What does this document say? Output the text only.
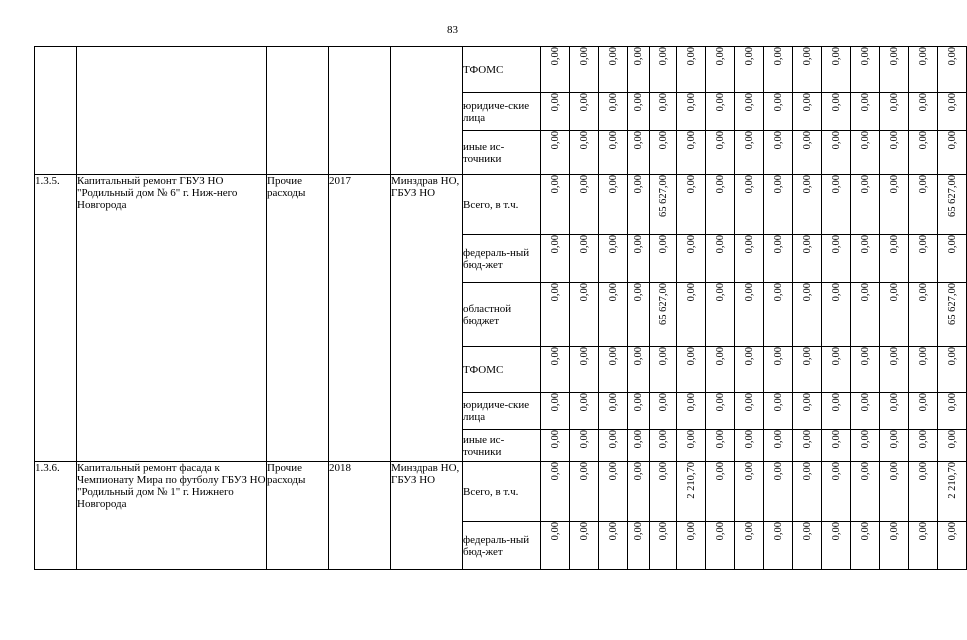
83
					ТФОМС	0,00	0,00	0,00	0,00	0,00	0,00	0,00	0,00	0,00	0,00	0,00	0,00	0,00	0,00	0,00
					юридиче-ские лица	0,00	0,00	0,00	0,00	0,00	0,00	0,00	0,00	0,00	0,00	0,00	0,00	0,00	0,00	0,00
					иные ис-точники	0,00	0,00	0,00	0,00	0,00	0,00	0,00	0,00	0,00	0,00	0,00	0,00	0,00	0,00	0,00
1.3.5.	Капитальный ремонт ГБУЗ НО "Родильный дом № 6" г. Ниж-него Новгорода	Прочие расходы	2017	Минздрав НО, ГБУЗ НО	Всего, в т.ч.	0,00	0,00	0,00	0,00	65 627,00	0,00	0,00	0,00	0,00	0,00	0,00	0,00	0,00	0,00	65 627,00
					федераль-ный бюд-жет	0,00	0,00	0,00	0,00	0,00	0,00	0,00	0,00	0,00	0,00	0,00	0,00	0,00	0,00	0,00
					областной бюджет	0,00	0,00	0,00	0,00	65 627,00	0,00	0,00	0,00	0,00	0,00	0,00	0,00	0,00	0,00	65 627,00
					ТФОМС	0,00	0,00	0,00	0,00	0,00	0,00	0,00	0,00	0,00	0,00	0,00	0,00	0,00	0,00	0,00
					юридиче-ские лица	0,00	0,00	0,00	0,00	0,00	0,00	0,00	0,00	0,00	0,00	0,00	0,00	0,00	0,00	0,00
					иные ис-точники	0,00	0,00	0,00	0,00	0,00	0,00	0,00	0,00	0,00	0,00	0,00	0,00	0,00	0,00	0,00
1.3.6.	Капитальный ремонт фасада к Чемпионату Мира по футболу ГБУЗ НО "Родильный дом № 1" г. Нижнего Новгорода	Прочие расходы	2018	Минздрав НО, ГБУЗ НО	Всего, в т.ч.	0,00	0,00	0,00	0,00	0,00	2 210,70	0,00	0,00	0,00	0,00	0,00	0,00	0,00	0,00	2 210,70
					федераль-ный бюд-жет	0,00	0,00	0,00	0,00	0,00	0,00	0,00	0,00	0,00	0,00	0,00	0,00	0,00	0,00	0,00
